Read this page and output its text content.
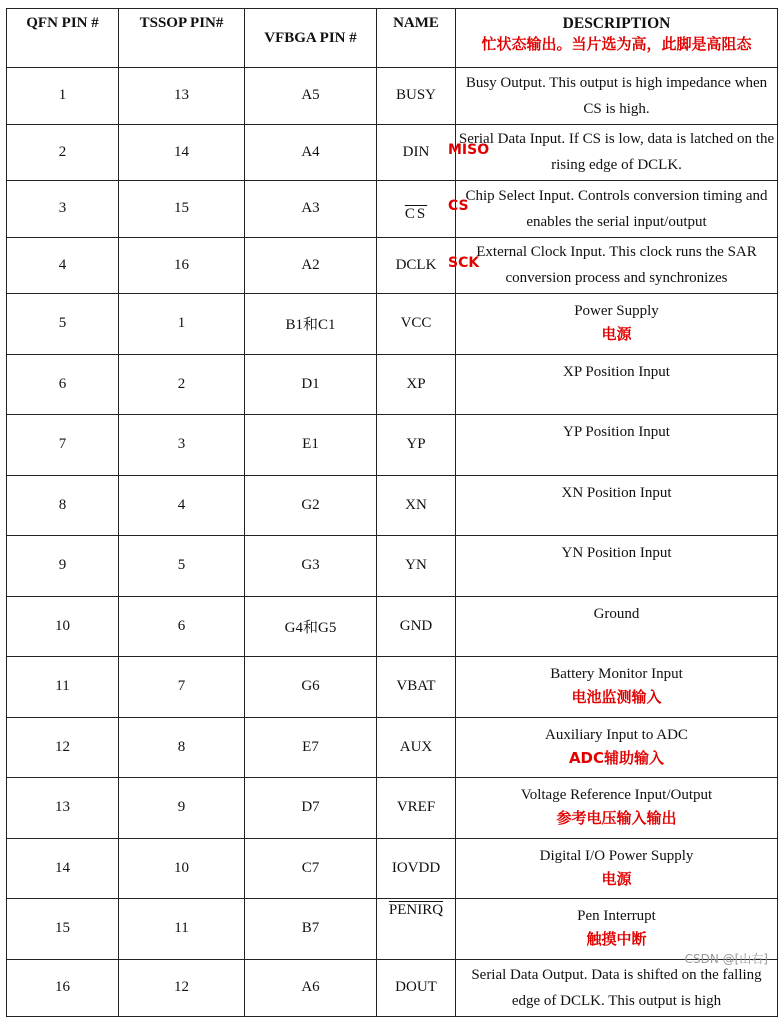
QFN PIN #	TSSOP PIN#	VFBGA PIN #	NAME	DESCRIPTION
忙状态输出。当片选为高，此脚是高阻态

1	13	A5	BUSY	Busy Output. This output is high impedance when CS is high.

2	14	A4	DIN	Serial Data Input. If CS is low, data is latched on the rising edge of DCLK.
MISO

3	15	A3	$\overline{CS}$	Chip Select Input. Controls conversion timing and enables the serial input/output
CS

4	16	A2	DCLK	External Clock Input. This clock runs the SAR conversion process and synchronizes
SCK

5	1	B1和C1	VCC	Power Supply
电源

6	2	D1	XP	XP Position Input

7	3	E1	YP	YP Position Input

8	4	G2	XN	XN Position Input

9	5	G3	YN	YN Position Input

10	6	G4和G5	GND	Ground

11	7	G6	VBAT	Battery Monitor Input
电池监测输入

12	8	E7	AUX	Auxiliary Input to ADC
ADC辅助输入

13	9	D7	VREF	Voltage Reference Input/Output
参考电压输入输出

14	10	C7	IOVDD	Digital I/O Power Supply
电源

15	11	B7	PENIRQ	Pen Interrupt
触摸中断

16	12	A6	DOUT	Serial Data Output. Data is shifted on the falling edge of DCLK. This output is high
CSDN @[山右]
